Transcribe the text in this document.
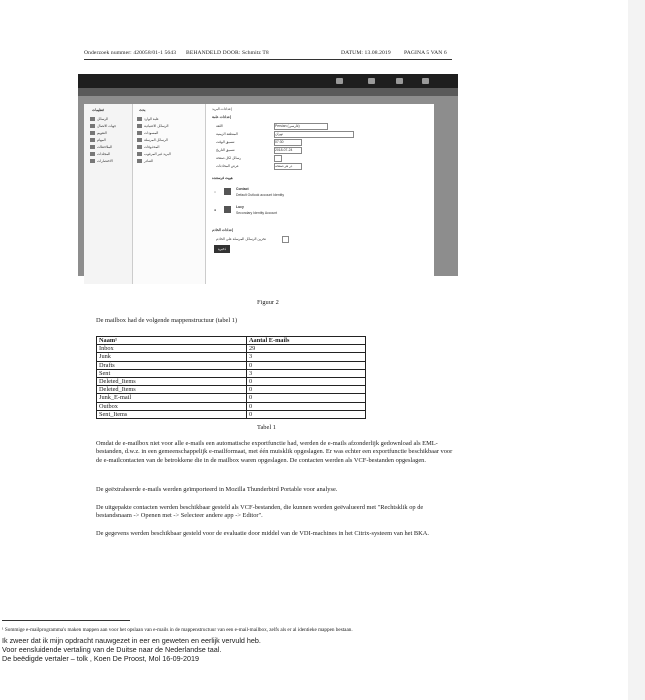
Onderzoek nummer: 420058/01-1 5643 BEHANDELD DOOR: Schmitz T8	DATUM: 13.08.2019 PAGINA 5 VAN 6
ثنظيمات
الرسائل
جهات الاتصال
التقويم
المهام
الملاحظات
المجلدات
الاختصارات
بحث
علبة الوارد
الرسائل الاعتيادية
المسودات
الرسائل المرسلة
المحذوفات
البريد غير المرغوب
الصادر
إعدادات البريد
إعدادات عامة
اللغة	Persian (فارسی)
المنطقة الزمنية	تهران
تنسيق الوقت	07:30
تنسيق التاريخ	2018-07-24
رسائل لكل صفحة
عرض المحادثات	در هر صفحه
هويت فرستنده
○
Contact
Default Outlook account Identity
●
Lucy
Secondary Identity Account
إعدادات الخادم
تخزين الرسائل المرسلة على الخادم
ذخیره
Figuur 2
De mailbox had de volgende mappenstructuur (tabel 1)
Naam¹	Aantal E-mails
Inbox	29
Junk	3
Drafts	0
Sent	3
Deleted_Items	0
Deleted_Items	0
Junk_E-mail	0
Outbox	0
Sent_Items	0
Tabel 1
Omdat de e-mailbox niet voor alle e-mails een automatische exportfunctie had, werden de e-mails afzonderlijk gedownload als EML-bestanden, d.w.z. in een gemeenschappelijk e-mailformaat, met één muisklik opgeslagen. Er was echter een exportfunctie beschikbaar voor de e-mailcontacten van de betrokkene die in de mailbox waren opgeslagen. De contacten werden als VCF-bestanden opgeslagen.
De geëxtraheerde e-mails werden geïmporteerd in Mozilla Thunderbird Portable voor analyse.
De uitgepakte contacten werden beschikbaar gesteld als VCF-bestanden, die kunnen worden geëvalueerd met "Rechtsklik op de bestandsnaam -> Openen met -> Selecteer andere app -> Editor".
De gegevens werden beschikbaar gesteld voor de evaluatie door middel van de VDI-machines in het Citrix-systeem van het BKA.
¹ Sommige e-mailprogramma's maken mappen aan voor het opslaan van e-mails in de mappenstructuur van een e-mail-mailbox, zelfs als er al identieke mappen bestaan.
Ik zweer dat ik mijn opdracht nauwgezet in eer en geweten en eerlijk vervuld heb.
Voor eensluidende vertaling van de Duitse naar de Nederlandse taal.
De beëdigde vertaler – tolk , Koen De Proost, Mol 16-09-2019
